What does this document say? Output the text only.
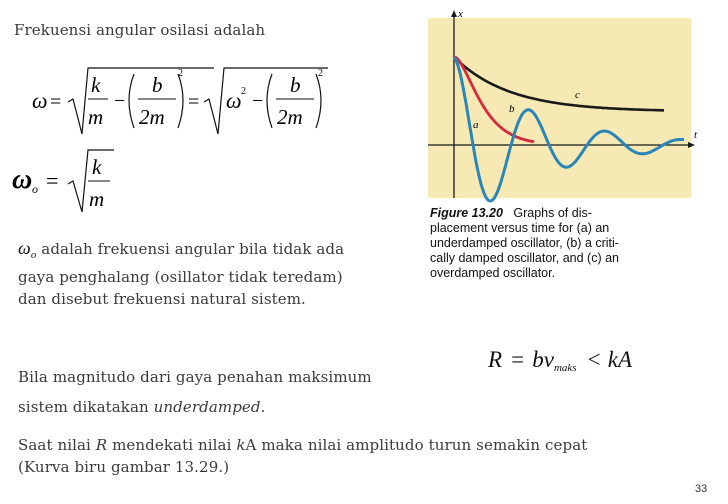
Frekuensi angular osilasi adalah
ω =
k
m
−
b
2m
2
= ω 2 −
b
2m
2
ω o =
k
m
$\omega_o$ adalah frekuensi angular bila tidak ada
gaya penghalang (osillator tidak teredam)
dan disebut frekuensi natural sistem.
Bila magnitudo dari gaya penahan maksimum
sistem dikatakan underdamped.
$R = bv_{maks}$ < kA
Saat nilai R mendekati nilai kA maka nilai amplitudo turun semakin cepat
(Kurva biru gambar 13.29.)
33
x
t
c
b
a
Figure 13.20 Graphs of dis-
placement versus time for (a) an
underdamped oscillator, (b) a criti-
cally damped oscillator, and (c) an
overdamped oscillator.
